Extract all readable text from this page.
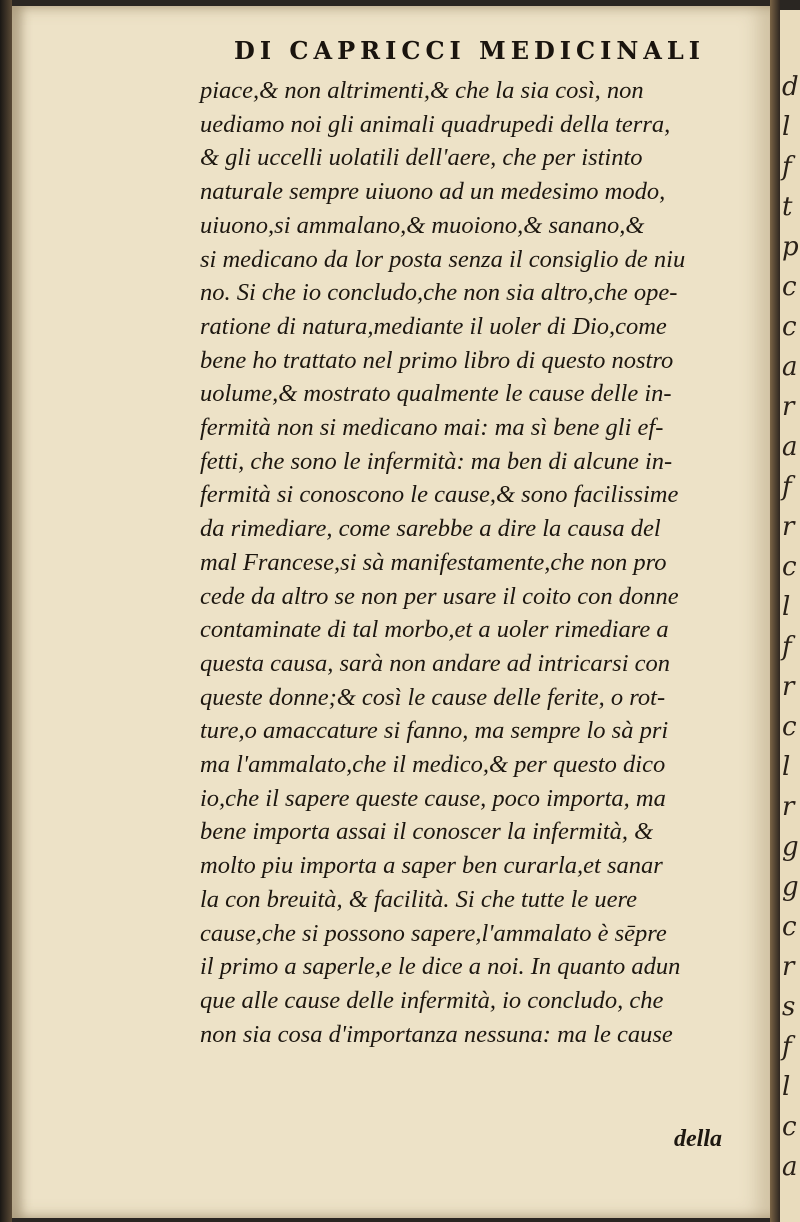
DI CAPRICCI MEDICINALI
piace,& non altrimenti,& che la sia così, non
uediamo noi gli animali quadrupedi della terra,
& gli uccelli uolatili dell'aere, che per istinto
naturale sempre uiuono ad un medesimo modo,
uiuono,si ammalano,& muoiono,& sanano,&
si medicano da lor posta senza il consiglio de niu
no. Si che io concludo,che non sia altro,che ope-
ratione di natura,mediante il uoler di Dio,come
bene ho trattato nel primo libro di questo nostro
uolume,& mostrato qualmente le cause delle in-
fermità non si medicano mai: ma sì bene gli ef-
fetti, che sono le infermità: ma ben di alcune in-
fermità si conoscono le cause,& sono facilissime
da rimediare, come sarebbe a dire la causa del
mal Francese,si sà manifestamente,che non pro
cede da altro se non per usare il coito con donne
contaminate di tal morbo,et a uoler rimediare a
questa causa, sarà non andare ad intricarsi con
queste donne;& così le cause delle ferite, o rot-
ture,o amaccature si fanno, ma sempre lo sà pri
ma l'ammalato,che il medico,& per questo dico
io,che il sapere queste cause, poco importa, ma
bene importa assai il conoscer la infermità, &
molto piu importa a saper ben curarla,et sanar
la con breuità, & facilità. Si che tutte le uere
cause,che si possono sapere,l'ammalato è sēpre
il primo a saperle,e le dice a noi. In quanto adun
que alle cause delle infermità, io concludo, che
non sia cosa d'importanza nessuna: ma le cause
della
d
l
f
t
p
c
c
a
r
a
f
r
c
l
f
r
c
l
r
g
g
c
r
s
f
l
c
a
